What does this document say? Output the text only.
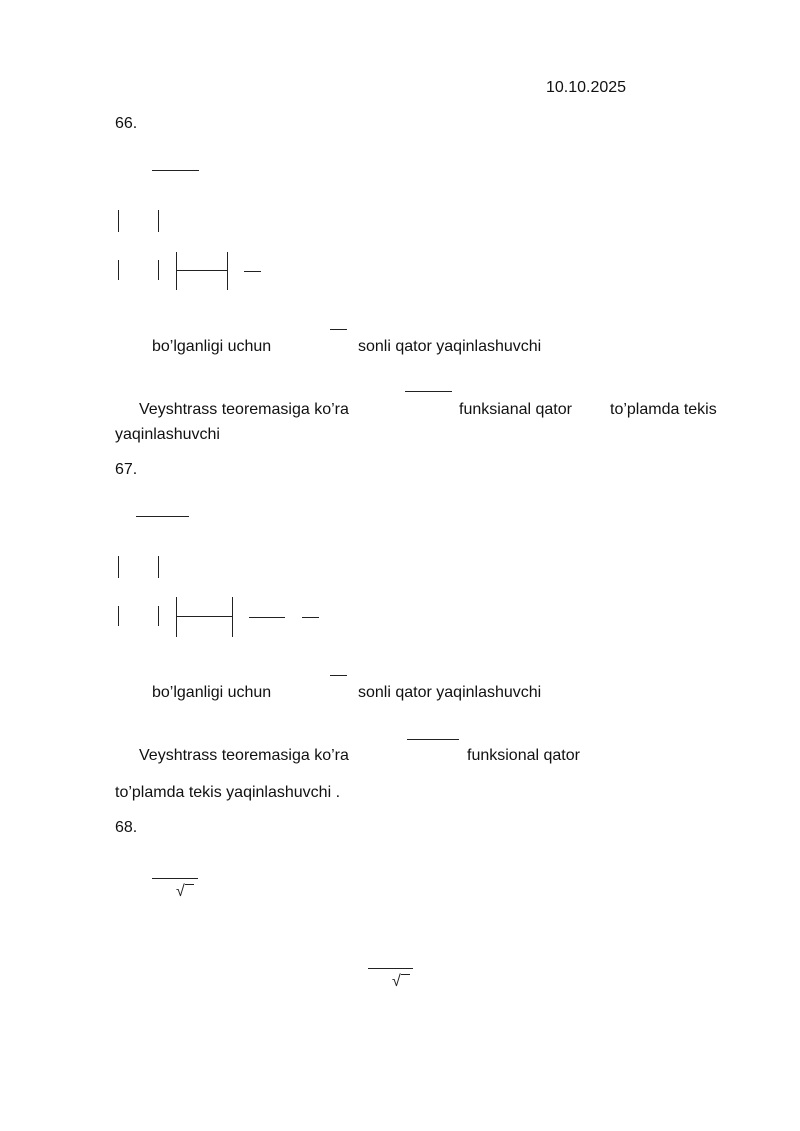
10.10.2025
66.
bo’lganligi uchun	sonli qator yaqinlashuvchi
Veyshtrass teoremasiga ko’ra	funksianal qator to’plamda tekis
yaqinlashuvchi
67.
bo’lganligi uchun	sonli qator yaqinlashuvchi
Veyshtrass teoremasiga ko’ra	funksional qator
to’plamda tekis yaqinlashuvchi .
68.
√
√
